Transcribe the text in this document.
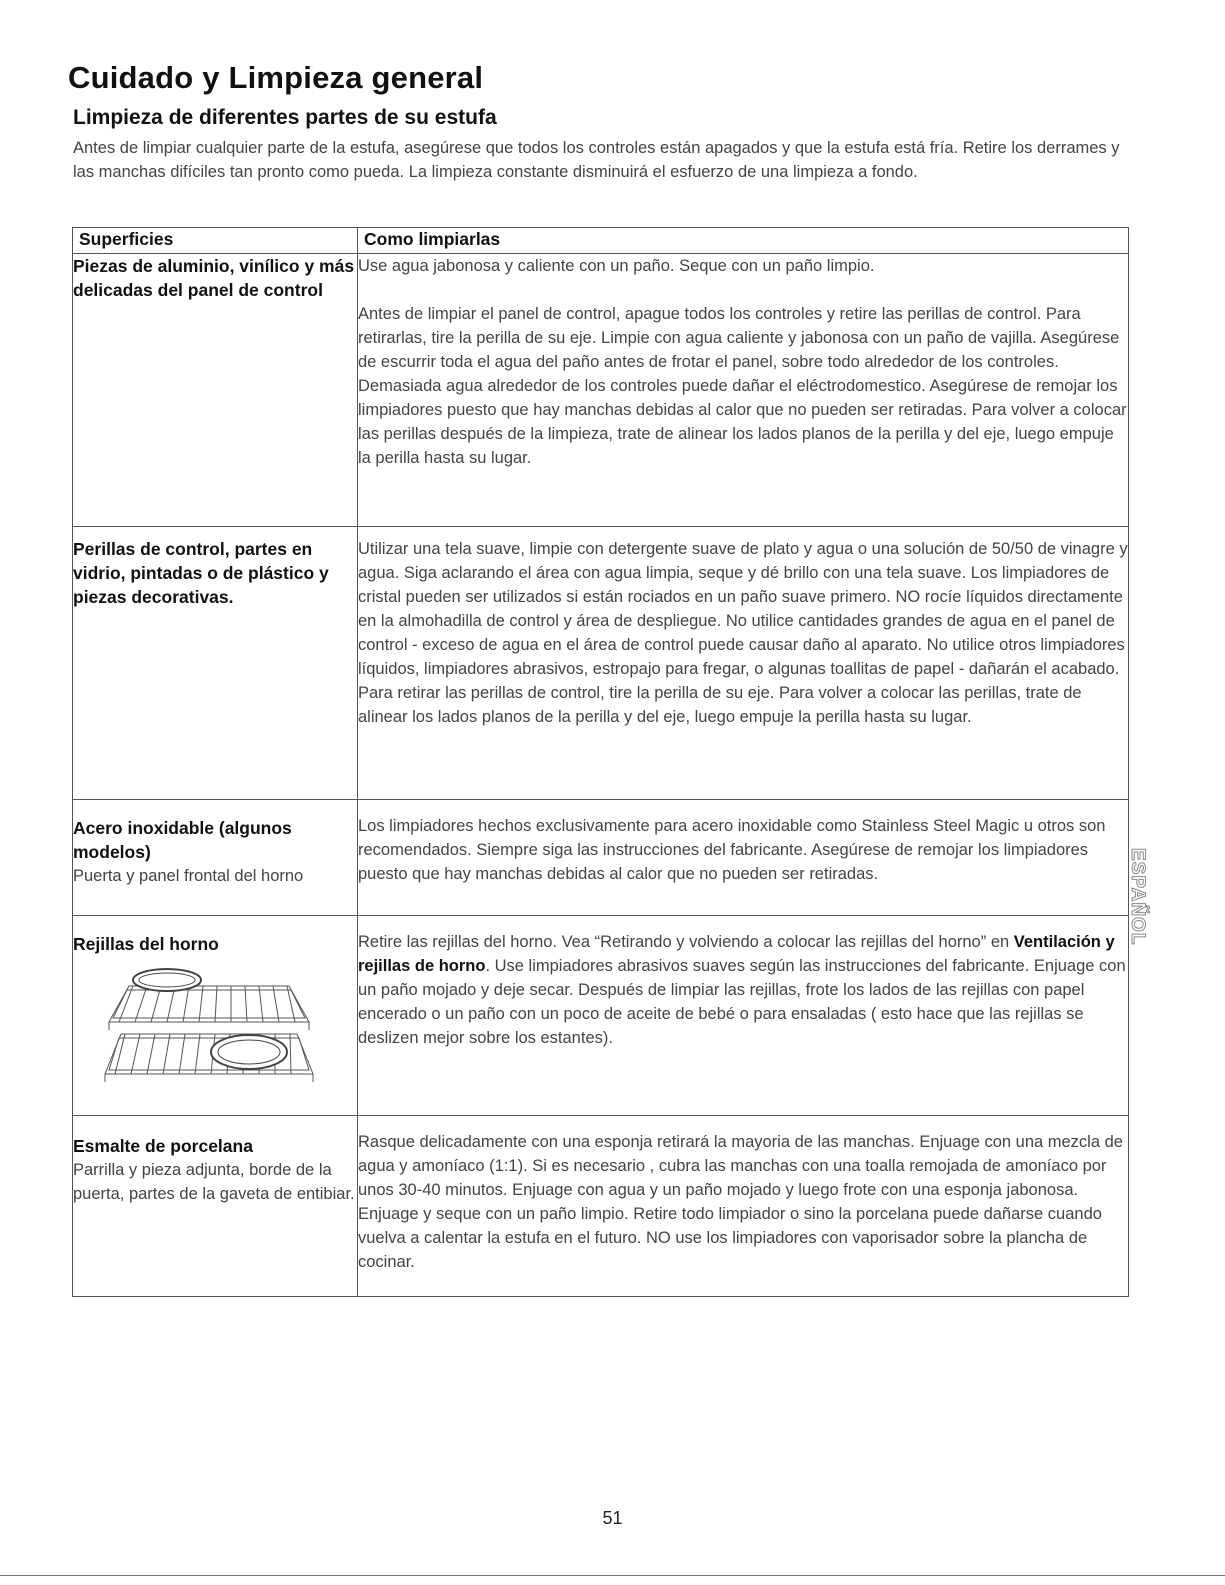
Cuidado y Limpieza general
Limpieza de diferentes partes de su estufa

Antes de limpiar cualquier parte de la estufa, asegúrese que todos los controles están apagados y que la estufa está fría. Retire los derrames y las manchas difíciles tan pronto como pueda. La limpieza constante disminuirá el esfuerzo de una limpieza a fondo.

Superficies	Como limpiarlas

Piezas de aluminio, vinílico y más delicadas del panel de control	Use agua jabonosa y caliente con un paño. Seque con un paño limpio.

Antes de limpiar el panel de control, apague todos los controles y retire las perillas de control. Para retirarlas, tire la perilla de su eje. Limpie con agua caliente y jabonosa con un paño de vajilla. Asegúrese de escurrir toda el agua del paño antes de frotar el panel, sobre todo alrededor de los controles. Demasiada agua alrededor de los controles puede dañar el eléctrodomestico. Asegúrese de remojar los limpiadores puesto que hay manchas debidas al calor que no pueden ser retiradas. Para volver a colocar las perillas después de la limpieza, trate de alinear los lados planos de la perilla y del eje, luego empuje la perilla hasta su lugar.

Perillas de control, partes en vidrio, pintadas o de plástico y piezas decorativas.	Utilizar una tela suave, limpie con detergente suave de plato y agua o una solución de 50/50 de vinagre y agua. Siga aclarando el área con agua limpia, seque y dé brillo con una tela suave. Los limpiadores de cristal pueden ser utilizados si están rociados en un paño suave primero. NO rocíe líquidos directamente en la almohadilla de control y área de despliegue. No utilice cantidades grandes de agua en el panel de control - exceso de agua en el área de control puede causar daño al aparato. No utilice otros limpiadores líquidos, limpiadores abrasivos, estropajo para fregar, o algunas toallitas de papel - dañarán el acabado. Para retirar las perillas de control, tire la perilla de su eje. Para volver a colocar las perillas, trate de alinear los lados planos de la perilla y del eje, luego empuje la perilla hasta su lugar.

Acero inoxidable (algunos modelos)
Puerta y panel frontal del horno	Los limpiadores hechos exclusivamente para acero inoxidable como Stainless Steel Magic u otros son recomendados. Siempre siga las instrucciones del fabricante. Asegúrese de remojar los limpiadores puesto que hay manchas debidas al calor que no pueden ser retiradas.

Rejillas del horno	Retire las rejillas del horno. Vea “Retirando y volviendo a colocar las rejillas del horno” en Ventilación y rejillas de horno. Use limpiadores abrasivos suaves según las instrucciones del fabricante. Enjuage con un paño mojado y deje secar. Después de limpiar las rejillas, frote los lados de las rejillas con papel encerado o un paño con un poco de aceite de bebé o para ensaladas ( esto hace que las rejillas se deslizen mejor sobre los estantes).

Esmalte de porcelana
Parrilla y pieza adjunta, borde de la puerta, partes de la gaveta de entibiar.	Rasque delicadamente con una esponja retirará la mayoria de las manchas. Enjuage con una mezcla de agua y amoníaco (1:1). Si es necesario , cubra las manchas con una toalla remojada de amoníaco por unos 30-40 minutos. Enjuage con agua y un paño mojado y luego frote con una esponja jabonosa. Enjuage y seque con un paño limpio. Retire todo limpiador o sino la porcelana puede dañarse cuando vuelva a calentar la estufa en el futuro. NO use los limpiadores con vaporisador sobre la plancha de cocinar.

ESPAÑOL
51
